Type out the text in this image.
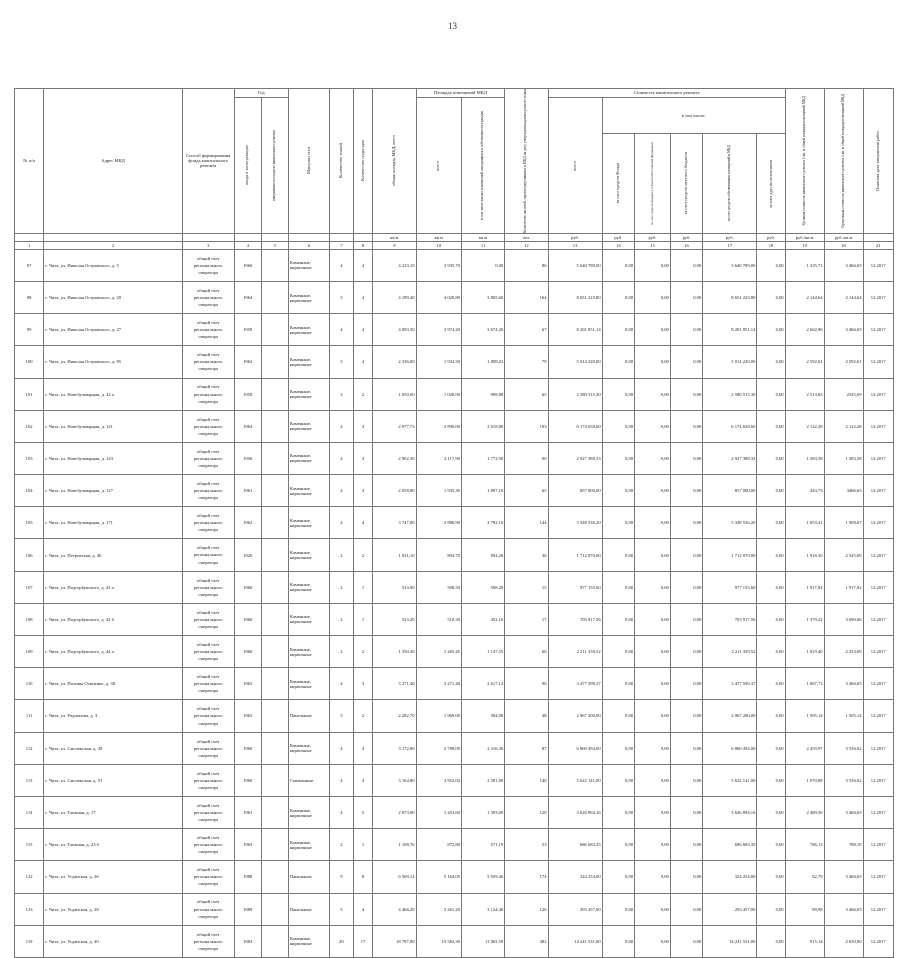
13
№ п/п	Адрес МКД	Способ формирования фонда капитального ремонта	Год		Материал стен	Количество этажей	Количество подъездов	общая площадь МКД, всего	Площадь помещений МКД		Количество жителей, зарегистрированных в МКД на дату утверждения краткосрочного плана	Стоимость капитального ремонта						Удельная стоимость капитального ремонта 1 кв. м общей площади помещений МКД	Предельная стоимость капитального ремонта 1 кв. м общей площади помещений МКД	Плановая дата завершения работ

			ввода в эксплуатацию	завершения последнего капитального ремонта					всего	в том числе жилых помещений, находящихся в собственности граждан		всего	в том числе:							

													за счет средств Фонда	за счет средств бюджета субъекта Российской Федерации	за счет средств местного бюджета	за счет средств собственников помещений в МКД	за счет других источников			

								кв.м	кв.м	кв.м	чел.	руб.	руб.	руб.	руб.	руб.	руб.	руб./кв.м	руб./кв.м	
1	2	3	4	5	6	7	8	9	10	11	12	13	14	15	16	17	18	19	20	21
97	г. Чита, ул. Николая Островского, д. 5	общий счет
регионального
оператора	1960		Каменные, кирпичные	4	4	4 223,10	3 935,70	0,00	86	5 640 789,00	0,00	0,00	0,00	5 640 789,00	0,00	1 335,71	3 466,65	12.2017
98	г. Чита, ул. Николая Островского, д. 20	общий счет
регионального
оператора	1964		Каменные, кирпичные	5	4	4 189,40	4 020,80	3 805,60	164	8 651 223,80	0,00	0,00	0,00	8 651 223,80	0,00	2 144,64	2 144,64	12.2017
99	г. Чита, ул. Николая Островского, д. 27	общий счет
регионального
оператора	1958		Каменные, кирпичные	4	4	4 093,50	3 974,20	3 674,20	67	8 201 851,14	0,00	0,00	0,00	8 201 851,14	0,00	2 662,96	3 466,65	12.2017
100	г. Чита, ул. Николая Островского, д. 85	общий счет
регионального
оператора	1962		Каменные, кирпичные	5	4	2 336,00	1 934,50	1 898,02	79	5 014 220,00	0,00	0,00	0,00	5 014 220,00	0,00	2 592,61	2 592,61	12.2017
101	г. Чита, ул. Новобульварная, д. 42 а	общий счет
регионального
оператора	1959		Каменные, кирпичные	3	2	1 050,00	1 028,00	998,80	65	2 580 515,30	0,00	0,00	0,00	2 580 515,30	0,00	2 513,83	2545,69	12.2017
102	г. Чита, ул. Новобульварная, д. 121	общий счет
регионального
оператора	1964		Каменные, кирпичные	4	3	2 977,73	2 890,00	2 618,80	103	6 174 658,60	0,00	0,00	0,00	6 174 658,60	0,00	2 122,28	2 122,28	12.2017
103	г. Чита, ул. Новобульварная, д. 123	общий счет
регионального
оператора	1956		Каменные, кирпичные	4	3	2 902,30	2 117,90	1 772,90	90	2 927 388,33	0,00	0,00	0,00	2 927 388,33	0,00	1 383,58	1 383,58	12.2017
104	г. Чита, ул. Новобульварная, д. 127	общий счет
регионального
оператора	1961		Каменные, кирпичные	4	3	2 058,80	1 935,30	1 897,10	65	857 000,00	0,00	0,00	0,00	857 000,00	0,00	443,73	3466,65	12.2017
105	г. Чита, ул. Новобульварная, д. 171	общий счет
регионального
оператора	1962		Каменные, кирпичные	4	4	3 747,00	2 886,90	2 782,10	144	5 348 536,20	0,00	0,00	0,00	5 348 536,20	0,00	1 853,41	1 908,67	12.2017
106	г. Чита, ул. Петровская, д. 40	общий счет
регионального
оператора	1926		Каменные, кирпичные	2	2	1 031,10	894,70	894,20	36	1 712 870,00	0,00	0,00	0,00	1 712 870,00	0,00	1 918,50	2 545,69	12.2017
107	г. Чита, ул. Подгорбунского, д. 43 а	общий счет
регионального
оператора	1960		Каменные, кирпичные	2	1	533,90	508,50	508,20	15	977 155,60	0,00	0,00	0,00	977 155,60	0,00	1 917,82	1 917,82	12.2017
108	г. Чита, ул. Подгорбунского, д. 43 б	общий счет
регионального
оператора	1960		Каменные, кирпичные	2	1	523,20	510,30	452,10	17	703 917,56	0,00	0,00	0,00	703 917,56	0,00	1 379,22	3 690,66	12.2017
109	г. Чита, ул. Подгорбунского, д. 44 а	общий счет
регионального
оператора	1960		Каменные, кирпичные	2	2	1 350,30	1 265,45	1 147,55	60	2 211 359,52	0,00	0,00	0,00	2 211 359,52	0,00	1 819,40	2 253,69	12.2017
110	г. Чита, ул. Полины Осипенко, д. 38	общий счет
регионального
оператора	1965		Каменные, кирпичные	4	3	3 271,40	3 271,40	2 617,12	90	3 477 599,37	0,00	0,00	0,00	3 477 599,37	0,00	1 067,73	3 466,65	12.2017
111	г. Чита, ул. Родионова, д. 3	общий счет
регионального
оператора	1965		Панельные	5	2	2 282,70	1 969,00	584,00	48	2 967 200,00	0,00	0,00	0,00	2 967 200,00	0,00	1 505,14	1 505,14	12.2017
112	г. Чита, ул. Смоленская, д. 49	общий счет
регионального
оператора	1960		Каменные, кирпичные	4	4	3 172,80	2 788,09	2 316,30	87	6 860 494,00	0,00	0,00	0,00	6 860 494,00	0,00	2 459,97	3 536,62	12.2017
113	г. Чита, ул. Смоленская, д. 51	общий счет
регионального
оператора	1960		Смешанные	4	4	3 164,80	2 852,04	2 581,80	140	5 622 141,00	0,00	0,00	0,00	5 622 141,00	0,00	1 970,88	3 536,62	12.2017
114	г. Чита, ул. Таежная, д. 17	общий счет
регионального
оператора	1961		Каменные, кирпичные	4	5	2 073,00	1 453,60	1 393,00	120	3 626 894,16	0,00	0,00	0,00	3 626 894,16	0,00	2 489,56	3 466,65	12.2017
115	г. Чита, ул. Таежная, д. 23 б	общий счет
регионального
оператора	1963		Каменные, кирпичные	2	1	1 108,76	872,80	571,19	53	686 683,35	0,00	0,00	0,00	686 683,35	0,00	786,13	788,10	12.2017
122	г. Чита, ул. Угданская, д. 26	общий счет
регионального
оператора	1988		Панельные	9	8	6 569,14	5 164,05	5 059,46	174	324 254,00	0,00	0,00	0,00	324 254,00	0,00	62,79	3 466,65	12.2017
123	г. Чита, ул. Угданская, д. 28	общий счет
регионального
оператора	1989		Панельные	5	4	4 466,20	3 261,20	3 124,40	126	293 457,00	0,00	0,00	0,00	293 457,00	0,00	89,98	3 466,65	12.2017
119	г. Чита, ул. Угданская, д. 40	общий счет
регионального
оператора	1984		Каменные, кирпичные	20	17	18 787,00	15 582,30	11 063,59	482	14 241 531,00	0,00	0,00	0,00	14 241 531,00	0,00	915,14	2 650,00	12.2017
